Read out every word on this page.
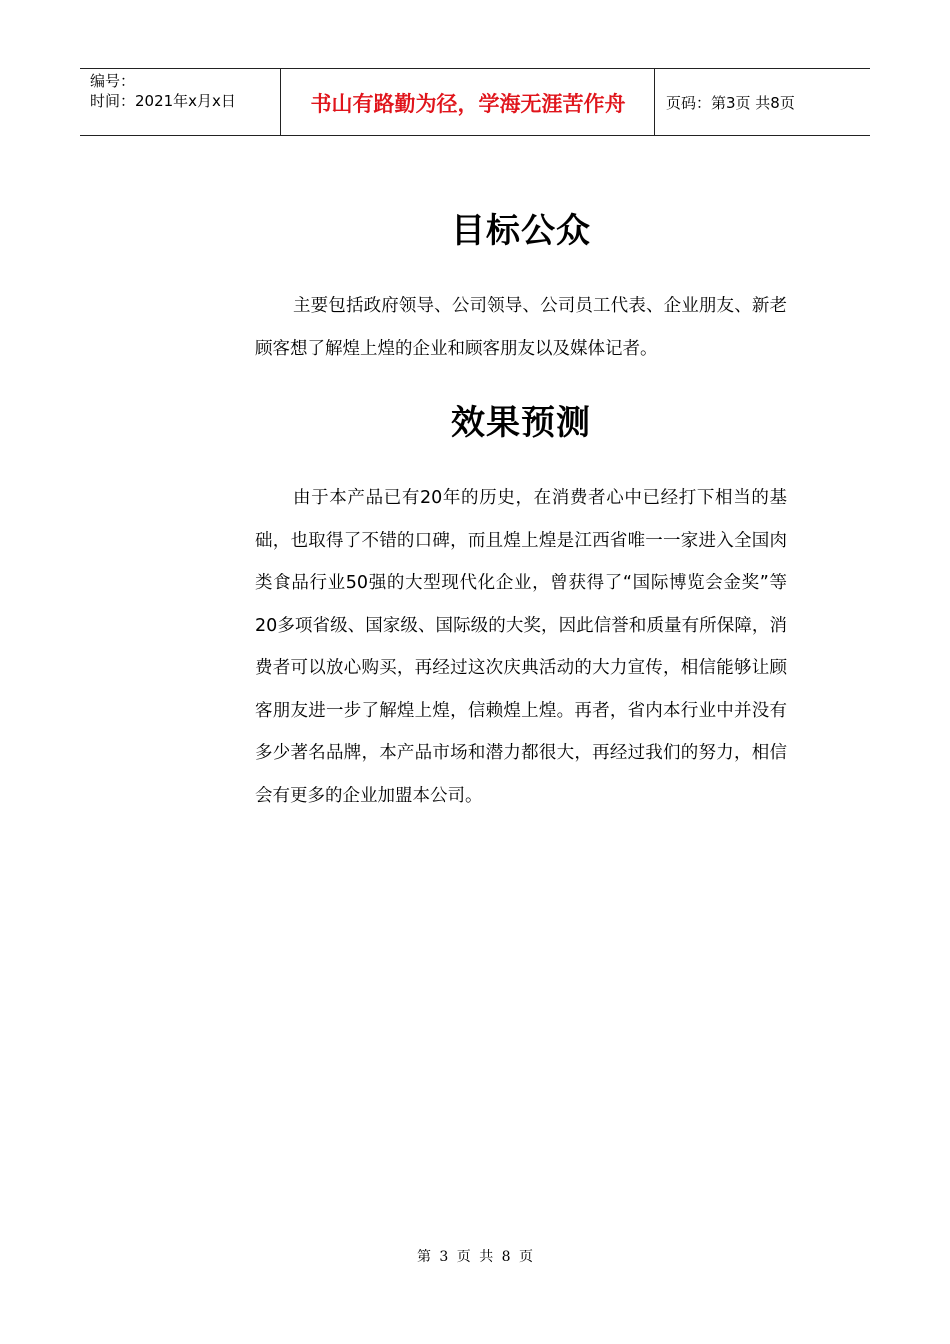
编号：
时间：2021年x月x日	书山有路勤为径，学海无涯苦作舟	页码：第3页 共8页
目标公众
主要包括政府领导、公司领导、公司员工代表、企业朋友、新老顾客想了解煌上煌的企业和顾客朋友以及媒体记者。
效果预测
由于本产品已有20年的历史，在消费者心中已经打下相当的基础，也取得了不错的口碑，而且煌上煌是江西省唯一一家进入全国肉类食品行业50强的大型现代化企业，曾获得了“国际博览会金奖”等20多项省级、国家级、国际级的大奖，因此信誉和质量有所保障，消费者可以放心购买，再经过这次庆典活动的大力宣传，相信能够让顾客朋友进一步了解煌上煌，信赖煌上煌。再者，省内本行业中并没有多少著名品牌，本产品市场和潜力都很大，再经过我们的努力，相信会有更多的企业加盟本公司。
第 3 页 共 8 页
